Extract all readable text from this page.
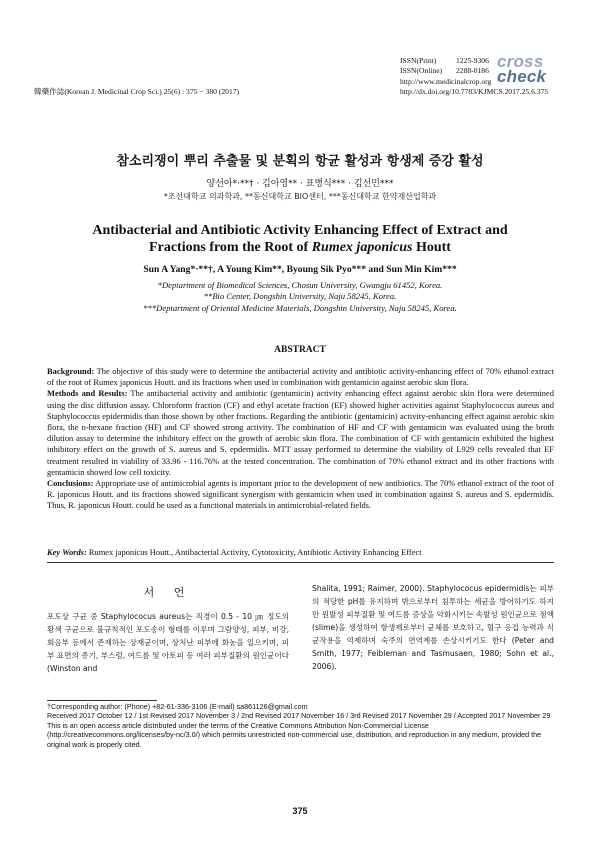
韓藥作誌(Korean J. Medicinal Crop Sci.) 25(6) : 375 − 380 (2017)
ISSN(Print)	1225-9306
ISSN(Online)	2288-0186
http://www.medicinalcrop.org
http://dx.doi.org/10.7783/KJMCS.2017.25.6.375
cross
check
참소리쟁이 뿌리 추출물 및 분획의 항균 활성과 항생제 증강 활성
양선아*·**† · 김아영** · 표병식*** · 김선민***
*조선대학교 의과학과, **동신대학교 BIO센터, ***동신대학교 한약재산업학과
Antibacterial and Antibiotic Activity Enhancing Effect of Extract and
Fractions from the Root of Rumex japonicus Houtt
Sun A Yang*·**†, A Young Kim**, Byoung Sik Pyo*** and Sun Min Kim***
*Deptartment of Biomedical Sciences, Chosun University, Gwangju 61452, Korea.
**Bio Center, Dongshin University, Naju 58245, Korea.
***Deptartment of Oriental Medicine Materials, Dongshin University, Naju 58245, Korea.
ABSTRACT

Background: The objective of this study were to determine the antibacterial activity and antibiotic activity-enhancing effect of 70% ethanol extract of the root of Rumex japonicus Houtt. and its fractions when used in combination with gentamicin against aerobic skin flora.

Methods and Results: The antibacterial activity and antibiotic (gentamicin) activity enhancing effect against aerobic skin flora were determined using the disc diffusion assay. Chloroform fraction (CF) and ethyl acetate fraction (EF) showed higher activities against Staphylococcus aureus and Staphylococcus epidermidis than those shown by other fractions. Regarding the antibiotic (gentamicin) activity-enhancing effect against aerobic skin flora, the n-hexane fraction (HF) and CF showed strong activity. The combination of HF and CF with gentamicin was evaluated using the broth dilution assay to determine the inhibitory effect on the growth of aerobic skin flora. The combination of CF with gentamicin exhibited the highest inhibitory effect on the growth of S. aureus and S. epdermidis. MTT assay performed to determine the viability of L929 cells revealed that EF treatment resulted in viability of 33.96 - 116.76% at the tested concentration. The combination of 70% ethanol extract and its other fractions with gentamicin showed low cell toxicity.

Conclusions: Appropriate use of antimicrobial agents is important prior to the development of new antibiotics. The 70% ethanol extract of the root of R. japonicus Houtt. and its fractions showed significant synergism with gentamicin when used in combination against S. aureus and S. epdermidis. Thus, R. japonicus Houtt. could be used as a functional materials in antimicrobial-related fields.

Key Words: Rumex japonicus Houtt., Antibacterial Activity, Cytotoxicity, Antibiotic Activity Enhancing Effect
서 언
포도상 구균 중 Staphylococus aureus는 직경이 0.5 - 10 ㎛ 정도의 황색 구균으로 불규칙적인 포도송이 형태를 이루며 그람양성, 피부, 비강, 회음부 등에서 존재하는 상재균이며, 상처난 피부에 화농을 일으키며, 피부 표면의 종기, 부스럼, 여드름 및 아토피 등 여러 피부질환의 원인균이다 (Winston and
Shalita, 1991; Raimer, 2000). Staphylococus epidermidis는 피부의 적당한 pH를 유지하며 밖으로부터 침투하는 세균을 방어하기도 하지만 원발성 피부질환 및 여드름 증상을 악화시키는 속발성 원인균으로 점액 (slime)을 생성하여 항생제로부터 균체를 보호하고, 혈구 응집 능력과 식균작용을 억제하며 숙주의 면역계를 손상시키기도 한다 (Peter and Smith, 1977; Feibleman and Tasmusaen, 1980; Sohn et al., 2006).

†Corresponding author: (Phone) +82-61-336-3106 (E-mail) sa861126@gmail.com

Received 2017 October 12 / 1st Revised 2017 November 3 / 2nd Revised 2017 November 16 / 3rd Revised 2017 November 29 / Accepted 2017 November 29

This is an open access article distributed under the terms of the Creative Commons Attribution Non-Commercial License (http://creativecommons.org/licenses/by-nc/3.0/) which permits unrestricted non-commercial use, distribution, and reproduction in any medium, provided the original work is properly cited.

375
